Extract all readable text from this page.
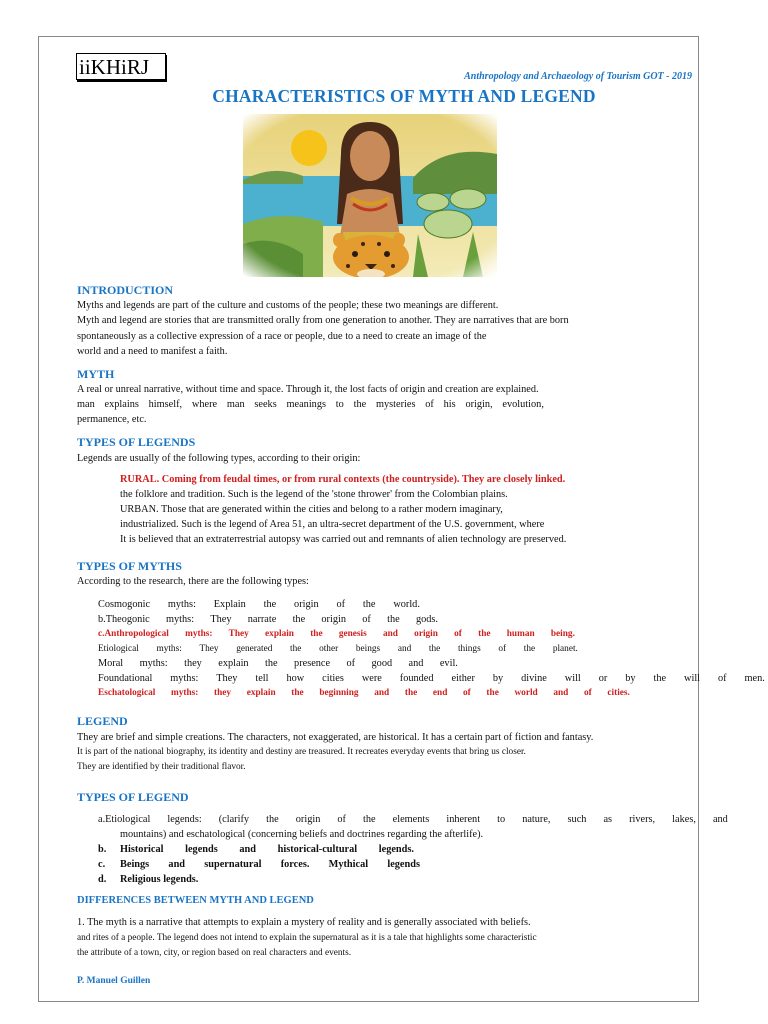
iiKHiRJ	Anthropology and Archaeology of Tourism GOT - 2019
CHARACTERISTICS OF MYTH AND LEGEND
INTRODUCTION
Myths and legends are part of the culture and customs of the people; these two meanings are different.
Myth and legend are stories that are transmitted orally from one generation to another. They are narratives that are born
spontaneously as a collective expression of a race or people, due to a need to create an image of the
world and a need to manifest a faith.
MYTH
A real or unreal narrative, without time and space. Through it, the lost facts of origin and creation are explained.
man explains himself, where man seeks meanings to the mysteries of his origin, evolution,
permanence, etc.
TYPES OF LEGENDS
Legends are usually of the following types, according to their origin:
RURAL. Coming from feudal times, or from rural contexts (the countryside). They are closely linked.
the folklore and tradition. Such is the legend of the 'stone thrower' from the Colombian plains.
URBAN. Those that are generated within the cities and belong to a rather modern imaginary,
industrialized. Such is the legend of Area 51, an ultra-secret department of the U.S. government, where
It is believed that an extraterrestrial autopsy was carried out and remnants of alien technology are preserved.
TYPES OF MYTHS
According to the research, there are the following types:
Cosmogonic myths: Explain the origin of the world.
b.Theogonic myths: They narrate the origin of the gods.
c.Anthropological myths: They explain the genesis and origin of the human being.
Etiological myths: They generated the other beings and the things of the planet.
Moral myths: they explain the presence of good and evil.
Foundational myths: They tell how cities were founded either by divine will or by the will of men.
Eschatological myths: they explain the beginning and the end of the world and of cities.
LEGEND
They are brief and simple creations. The characters, not exaggerated, are historical. It has a certain part of fiction and fantasy.
It is part of the national biography, its identity and destiny are treasured. It recreates everyday events that bring us closer.
They are identified by their traditional flavor.
TYPES OF LEGEND
a.Etiological legends: (clarify the origin of the elements inherent to nature, such as rivers, lakes, and
mountains) and eschatological (concerning beliefs and doctrines regarding the afterlife).
b. Historical legends and historical-cultural legends.
c. Beings and supernatural forces. Mythical legends
d. Religious legends.
DIFFERENCES BETWEEN MYTH AND LEGEND
1. The myth is a narrative that attempts to explain a mystery of reality and is generally associated with beliefs.
and rites of a people. The legend does not intend to explain the supernatural as it is a tale that highlights some characteristic
the attribute of a town, city, or region based on real characters and events.
P. Manuel Guillen
